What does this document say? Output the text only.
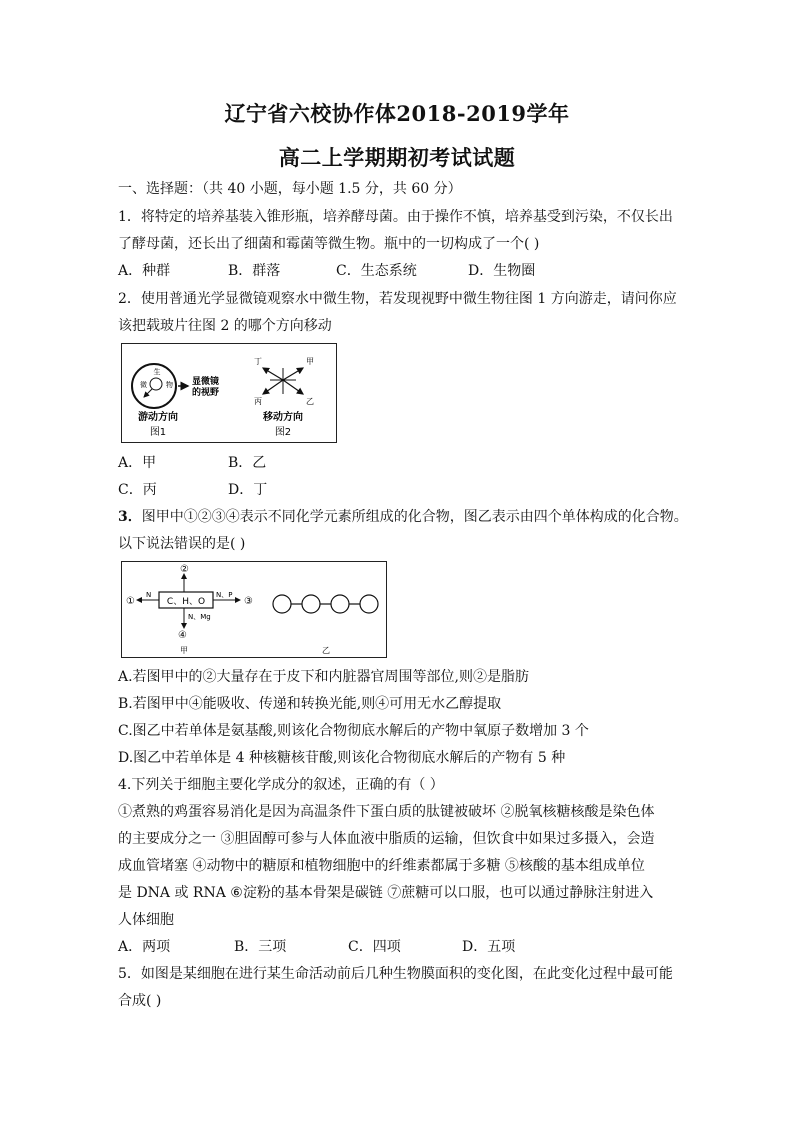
辽宁省六校协作体2018-2019学年
高二上学期期初考试试题
一、选择题：（共 40 小题，每小题 1.5 分，共 60 分）
1．将特定的培养基装入锥形瓶，培养酵母菌。由于操作不慎，培养基受到污染，不仅长出
了酵母菌，还长出了细菌和霉菌等微生物。瓶中的一切构成了一个( )
A．种群	B．群落	C．生态系统	D．生物圈
2．使用普通光学显微镜观察水中微生物，若发现视野中微生物往图 1 方向游走，请问你应
该把载玻片往图 2 的哪个方向移动
生
物
微	显微镜
的视野
游动方向
图1
丁	甲
丙	乙
移动方向
图2
A．甲	B．乙
C．丙	D．丁
3．图甲中①②③④表示不同化学元素所组成的化合物，图乙表示由四个单体构成的化合物。
以下说法错误的是( )
C、H、O
①
N
②
N、P
③
N、Mg
④
甲	乙
A.若图甲中的②大量存在于皮下和内脏器官周围等部位,则②是脂肪
B.若图甲中④能吸收、传递和转换光能,则④可用无水乙醇提取
C.图乙中若单体是氨基酸,则该化合物彻底水解后的产物中氧原子数增加 3 个
D.图乙中若单体是 4 种核糖核苷酸,则该化合物彻底水解后的产物有 5 种
4.下列关于细胞主要化学成分的叙述，正确的有（ ）
①煮熟的鸡蛋容易消化是因为高温条件下蛋白质的肽键被破坏 ②脱氧核糖核酸是染色体
的主要成分之一 ③胆固醇可参与人体血液中脂质的运输，但饮食中如果过多摄入，会造
成血管堵塞 ④动物中的糖原和植物细胞中的纤维素都属于多糖 ⑤核酸的基本组成单位
是 DNA 或 RNA ⑥淀粉的基本骨架是碳链 ⑦蔗糖可以口服，也可以通过静脉注射进入
人体细胞
A．两项	B．三项	C．四项	D．五项
5．如图是某细胞在进行某生命活动前后几种生物膜面积的变化图，在此变化过程中最可能
合成( )
